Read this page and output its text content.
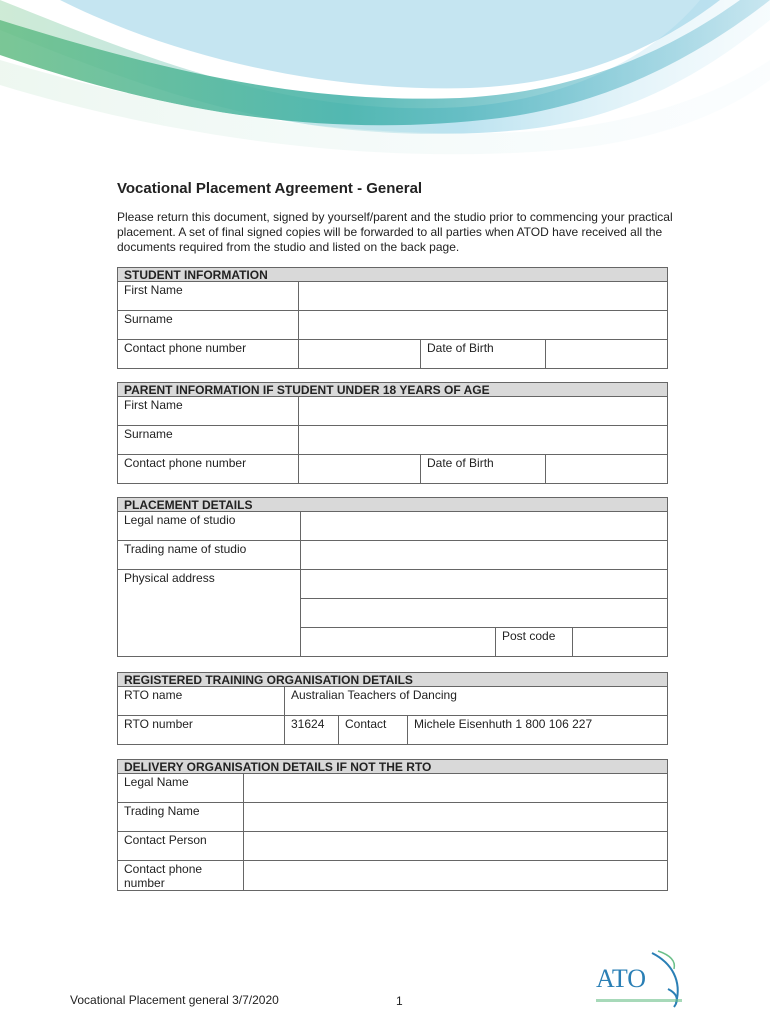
Vocational Placement Agreement - General
Please return this document, signed by yourself/parent and the studio prior to commencing your practical placement. A set of final signed copies will be forwarded to all parties when ATOD have received all the documents required from the studio and listed on the back page.
STUDENT INFORMATION			
First Name			
Surname			
Contact phone number		Date of Birth	
PARENT INFORMATION IF STUDENT UNDER 18 YEARS OF AGE			
First Name			
Surname			
Contact phone number		Date of Birth	
PLACEMENT DETAILS			
Legal name of studio			
Trading name of studio			
Physical address			

		Post code	
REGISTERED TRAINING ORGANISATION DETAILS			
RTO name	Australian Teachers of Dancing		
RTO number	31624	Contact	Michele Eisenhuth 1 800 106 227
DELIVERY ORGANISATION DETAILS IF NOT THE RTO	
Legal Name	
Trading Name	
Contact Person	
Contact phone number	
ATO
Vocational Placement general 3/7/2020	1
